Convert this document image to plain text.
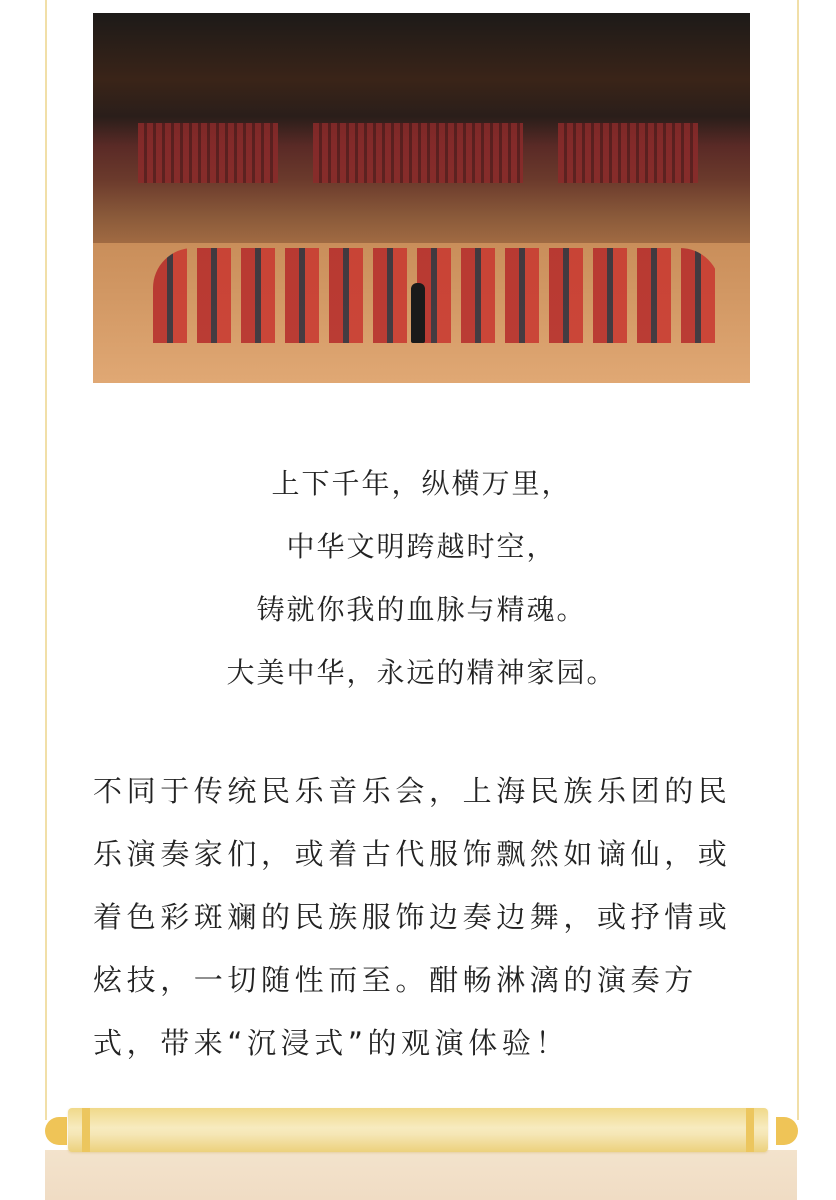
上下千年，纵横万里，
中华文明跨越时空，
铸就你我的血脉与精魂。
大美中华，永远的精神家园。
不同于传统民乐音乐会，上海民族乐团的民
乐演奏家们，或着古代服饰飘然如谪仙，或
着色彩斑斓的民族服饰边奏边舞，或抒情或
炫技，一切随性而至。酣畅淋漓的演奏方
式，带来“沉浸式”的观演体验！
